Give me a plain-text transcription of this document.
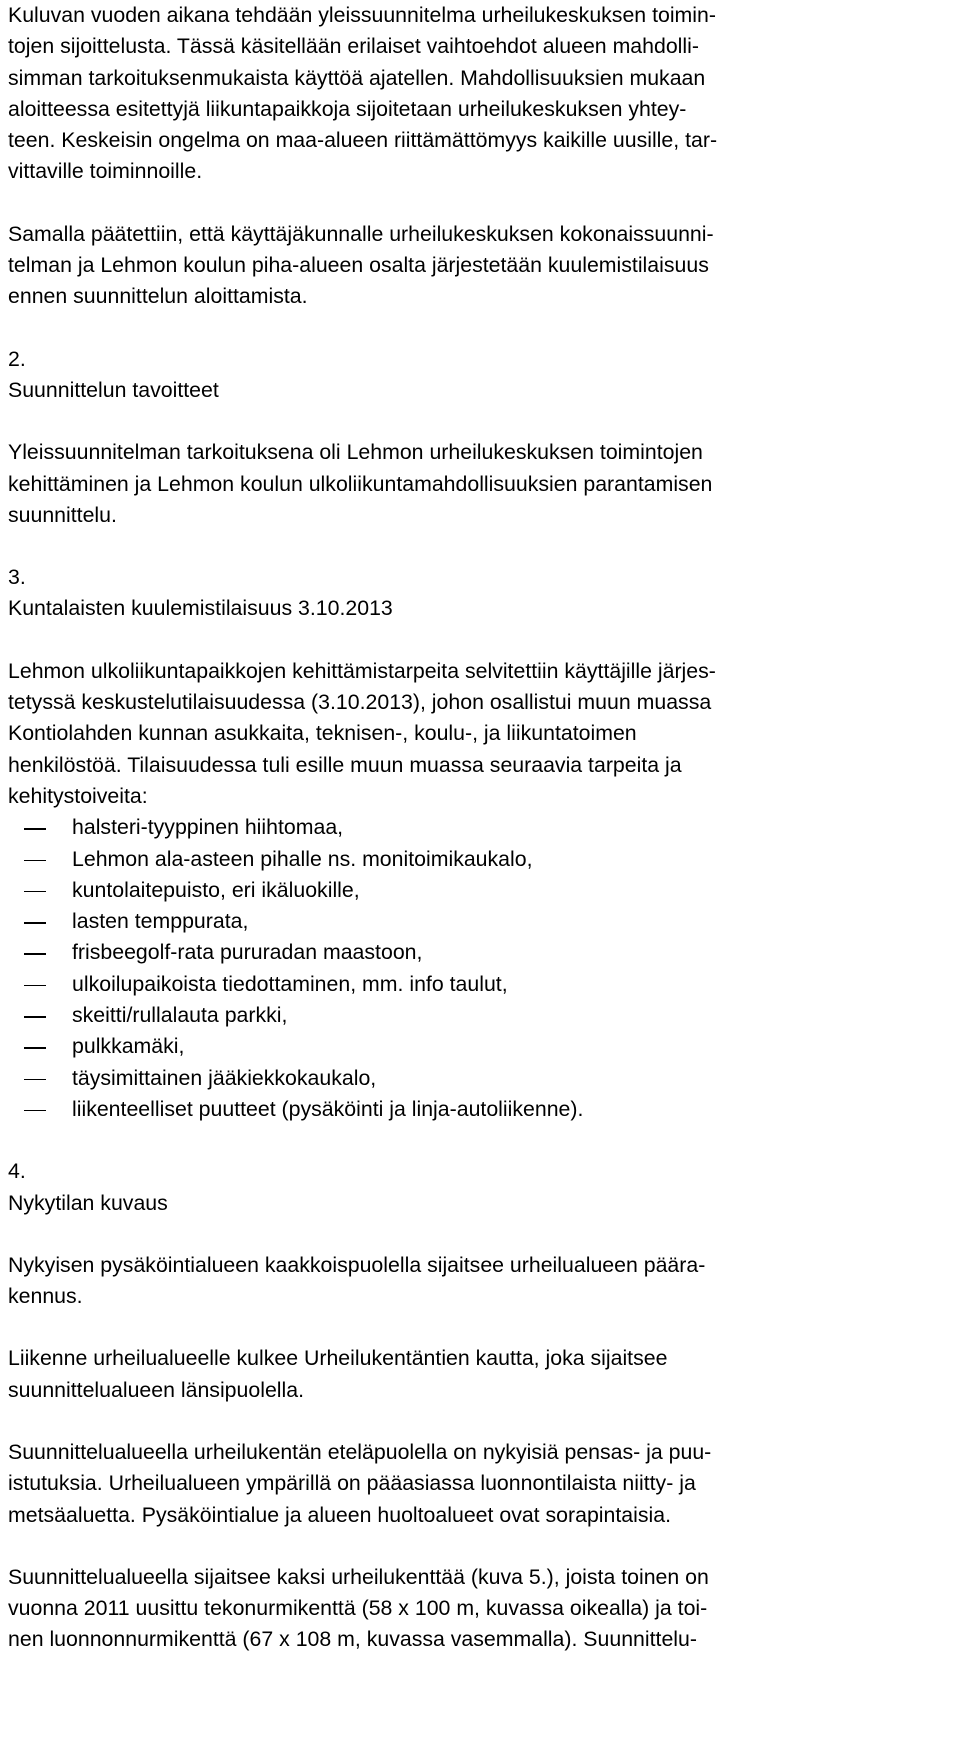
Kuluvan vuoden aikana tehdään yleissuunnitelma urheilukeskuksen toimin-
tojen sijoittelusta. Tässä käsitellään erilaiset vaihtoehdot alueen mahdolli-
simman tarkoituksenmukaista käyttöä ajatellen. Mahdollisuuksien mukaan
aloitteessa esitettyjä liikuntapaikkoja sijoitetaan urheilukeskuksen yhtey-
teen. Keskeisin ongelma on maa-alueen riittämättömyys kaikille uusille, tar-
vittaville toiminnoille.
Samalla päätettiin, että käyttäjäkunnalle urheilukeskuksen kokonaissuunni-
telman ja Lehmon koulun piha-alueen osalta järjestetään kuulemistilaisuus
ennen suunnittelun aloittamista.
2.
Suunnittelun tavoitteet
Yleissuunnitelman tarkoituksena oli Lehmon urheilukeskuksen toimintojen
kehittäminen ja Lehmon koulun ulkoliikuntamahdollisuuksien parantamisen
suunnittelu.
3.
Kuntalaisten kuulemistilaisuus 3.10.2013
Lehmon ulkoliikuntapaikkojen kehittämistarpeita selvitettiin käyttäjille järjes-
tetyssä keskustelutilaisuudessa (3.10.2013), johon osallistui muun muassa
Kontiolahden kunnan asukkaita, teknisen-, koulu-, ja liikuntatoimen
henkilöstöä. Tilaisuudessa tuli esille muun muassa seuraavia tarpeita ja
kehitystoiveita:
halsteri-tyyppinen hiihtomaa,
Lehmon ala-asteen pihalle ns. monitoimikaukalo,
kuntolaitepuisto, eri ikäluokille,
lasten temppurata,
frisbeegolf-rata pururadan maastoon,
ulkoilupaikoista tiedottaminen, mm. info taulut,
skeitti/rullalauta parkki,
pulkkamäki,
täysimittainen jääkiekkokaukalo,
liikenteelliset puutteet (pysäköinti ja linja-autoliikenne).
4.
Nykytilan kuvaus
Nykyisen pysäköintialueen kaakkoispuolella sijaitsee urheilualueen päära-
kennus.
Liikenne urheilualueelle kulkee Urheilukentäntien kautta, joka sijaitsee
suunnittelualueen länsipuolella.
Suunnittelualueella urheilukentän eteläpuolella on nykyisiä pensas- ja puu-
istutuksia. Urheilualueen ympärillä on pääasiassa luonnontilaista niitty- ja
metsäaluetta. Pysäköintialue ja alueen huoltoalueet ovat sorapintaisia.
Suunnittelualueella sijaitsee kaksi urheilukenttää (kuva 5.), joista toinen on
vuonna 2011 uusittu tekonurmikenttä (58 x 100 m, kuvassa oikealla) ja toi-
nen luonnonnurmikenttä (67 x 108 m, kuvassa vasemmalla). Suunnittelu-
